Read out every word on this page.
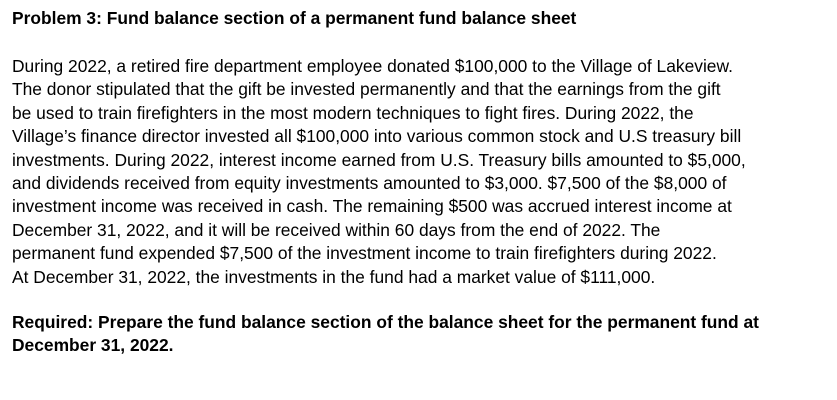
Problem 3: Fund balance section of a permanent fund balance sheet
During 2022, a retired fire department employee donated $100,000 to the Village of Lakeview.
The donor stipulated that the gift be invested permanently and that the earnings from the gift
be used to train firefighters in the most modern techniques to fight fires. During 2022, the
Village’s finance director invested all $100,000 into various common stock and U.S treasury bill
investments. During 2022, interest income earned from U.S. Treasury bills amounted to $5,000,
and dividends received from equity investments amounted to $3,000. $7,500 of the $8,000 of
investment income was received in cash. The remaining $500 was accrued interest income at
December 31, 2022, and it will be received within 60 days from the end of 2022. The
permanent fund expended $7,500 of the investment income to train firefighters during 2022.
At December 31, 2022, the investments in the fund had a market value of $111,000.
Required: Prepare the fund balance section of the balance sheet for the permanent fund at
December 31, 2022.
